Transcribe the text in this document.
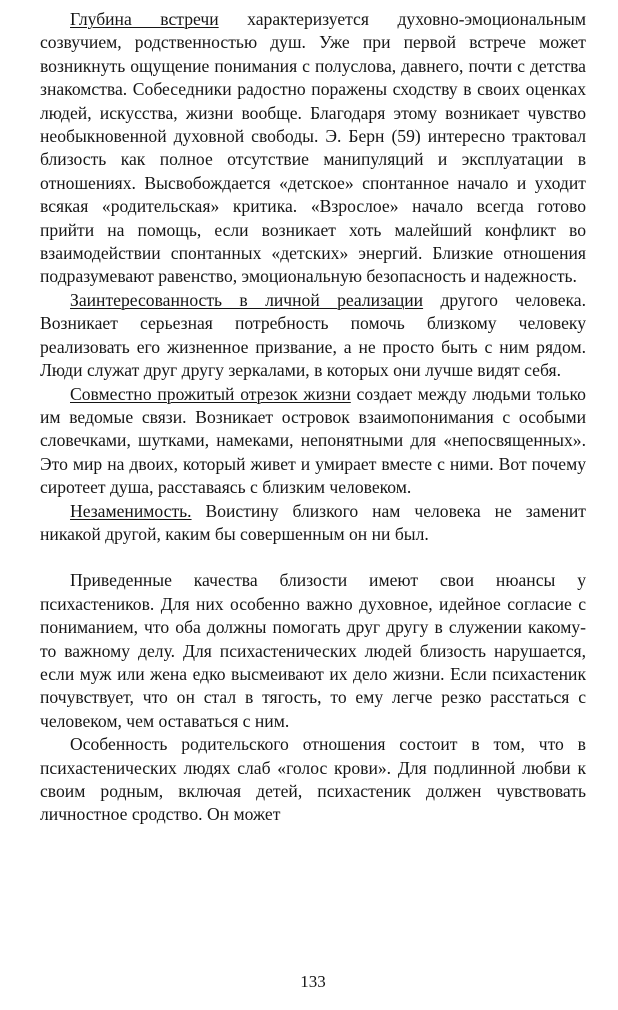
Глубина встречи характеризуется духовно-эмоциональным созвучием, родственностью душ. Уже при первой встрече может возникнуть ощущение понимания с полуслова, давнего, почти с детства знакомства. Собеседники радостно поражены сходству в своих оценках людей, искусства, жизни вообще. Благодаря этому возникает чувство необыкновенной духовной свободы. Э. Берн (59) интересно трактовал близость как полное отсутствие манипуляций и эксплуатации в отношениях. Высвобождается «детское» спонтанное начало и уходит всякая «родительская» критика. «Взрослое» начало всегда готово прийти на помощь, если возникает хоть малейший конфликт во взаимодействии спонтанных «детских» энергий. Близкие отношения подразумевают равенство, эмоциональную безопасность и надежность.

Заинтересованность в личной реализации другого человека. Возникает серьезная потребность помочь близкому человеку реализовать его жизненное призвание, а не просто быть с ним рядом. Люди служат друг другу зеркалами, в которых они лучше видят себя.

Совместно прожитый отрезок жизни создает между людьми только им ведомые связи. Возникает островок взаимопонимания с особыми словечками, шутками, намеками, непонятными для «непосвященных». Это мир на двоих, который живет и умирает вместе с ними. Вот почему сиротеет душа, расставаясь с близким человеком.

Незаменимость. Воистину близкого нам человека не заменит никакой другой, каким бы совершенным он ни был.

Приведенные качества близости имеют свои нюансы у психастеников. Для них особенно важно духовное, идейное согласие с пониманием, что оба должны помогать друг другу в служении какому-то важному делу. Для психастенических людей близость нарушается, если муж или жена едко высмеивают их дело жизни. Если психастеник почувствует, что он стал в тягость, то ему легче резко расстаться с человеком, чем оставаться с ним.

Особенность родительского отношения состоит в том, что в психастенических людях слаб «голос крови». Для подлинной любви к своим родным, включая детей, психастеник должен чувствовать личностное сродство. Он может

133
